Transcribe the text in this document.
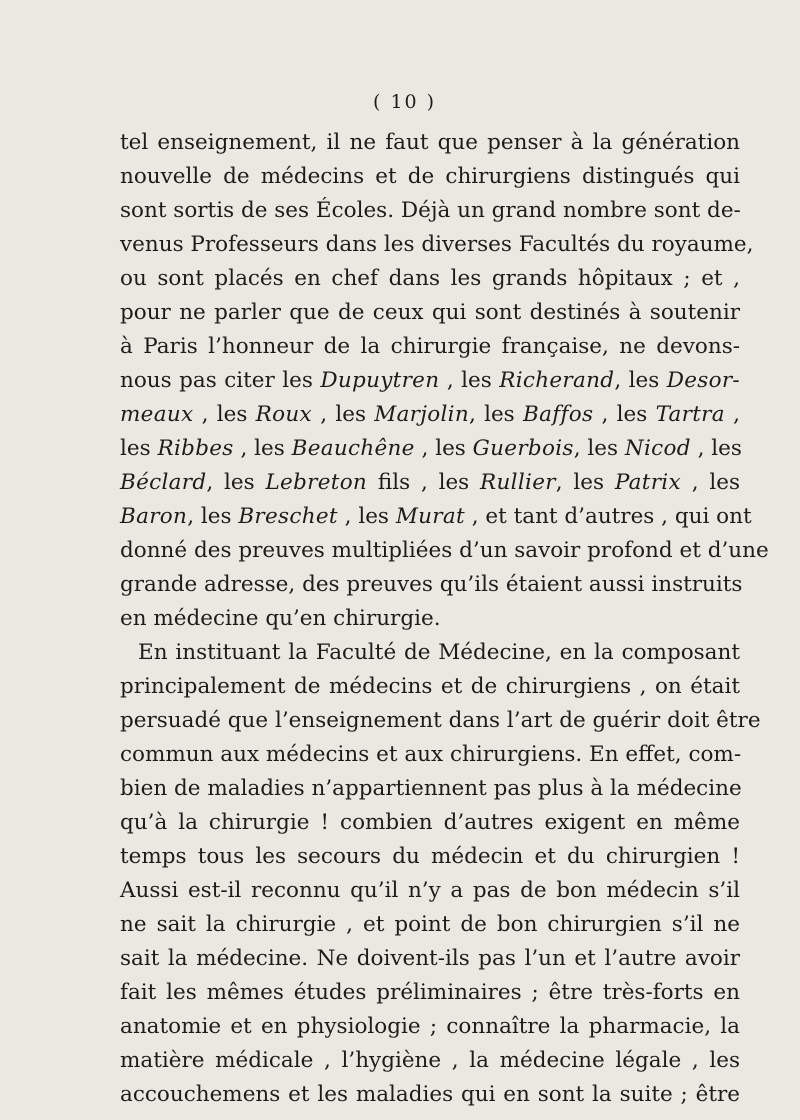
( 10 )
tel enseignement, il ne faut que penser à la génération
nouvelle de médecins et de chirurgiens distingués qui
sont sortis de ses Écoles. Déjà un grand nombre sont de-
venus Professeurs dans les diverses Facultés du royaume,
ou sont placés en chef dans les grands hôpitaux ; et ,
pour ne parler que de ceux qui sont destinés à soutenir
à Paris l’honneur de la chirurgie française, ne devons-
nous pas citer les Dupuytren , les Richerand, les Desor-
meaux , les Roux , les Marjolin, les Baffos , les Tartra ,
les Ribbes , les Beauchêne , les Guerbois, les Nicod , les
Béclard, les Lebreton fils , les Rullier, les Patrix , les
Baron, les Breschet , les Murat , et tant d’autres , qui ont
donné des preuves multipliées d’un savoir profond et d’une
grande adresse, des preuves qu’ils étaient aussi instruits
en médecine qu’en chirurgie.
En instituant la Faculté de Médecine, en la composant
principalement de médecins et de chirurgiens , on était
persuadé que l’enseignement dans l’art de guérir doit être
commun aux médecins et aux chirurgiens. En effet, com-
bien de maladies n’appartiennent pas plus à la médecine
qu’à la chirurgie ! combien d’autres exigent en même
temps tous les secours du médecin et du chirurgien !
Aussi est-il reconnu qu’il n’y a pas de bon médecin s’il
ne sait la chirurgie , et point de bon chirurgien s’il ne
sait la médecine. Ne doivent-ils pas l’un et l’autre avoir
fait les mêmes études préliminaires ; être très-forts en
anatomie et en physiologie ; connaître la pharmacie, la
matière médicale , l’hygiène , la médecine légale , les
accouchemens et les maladies qui en sont la suite ; être
